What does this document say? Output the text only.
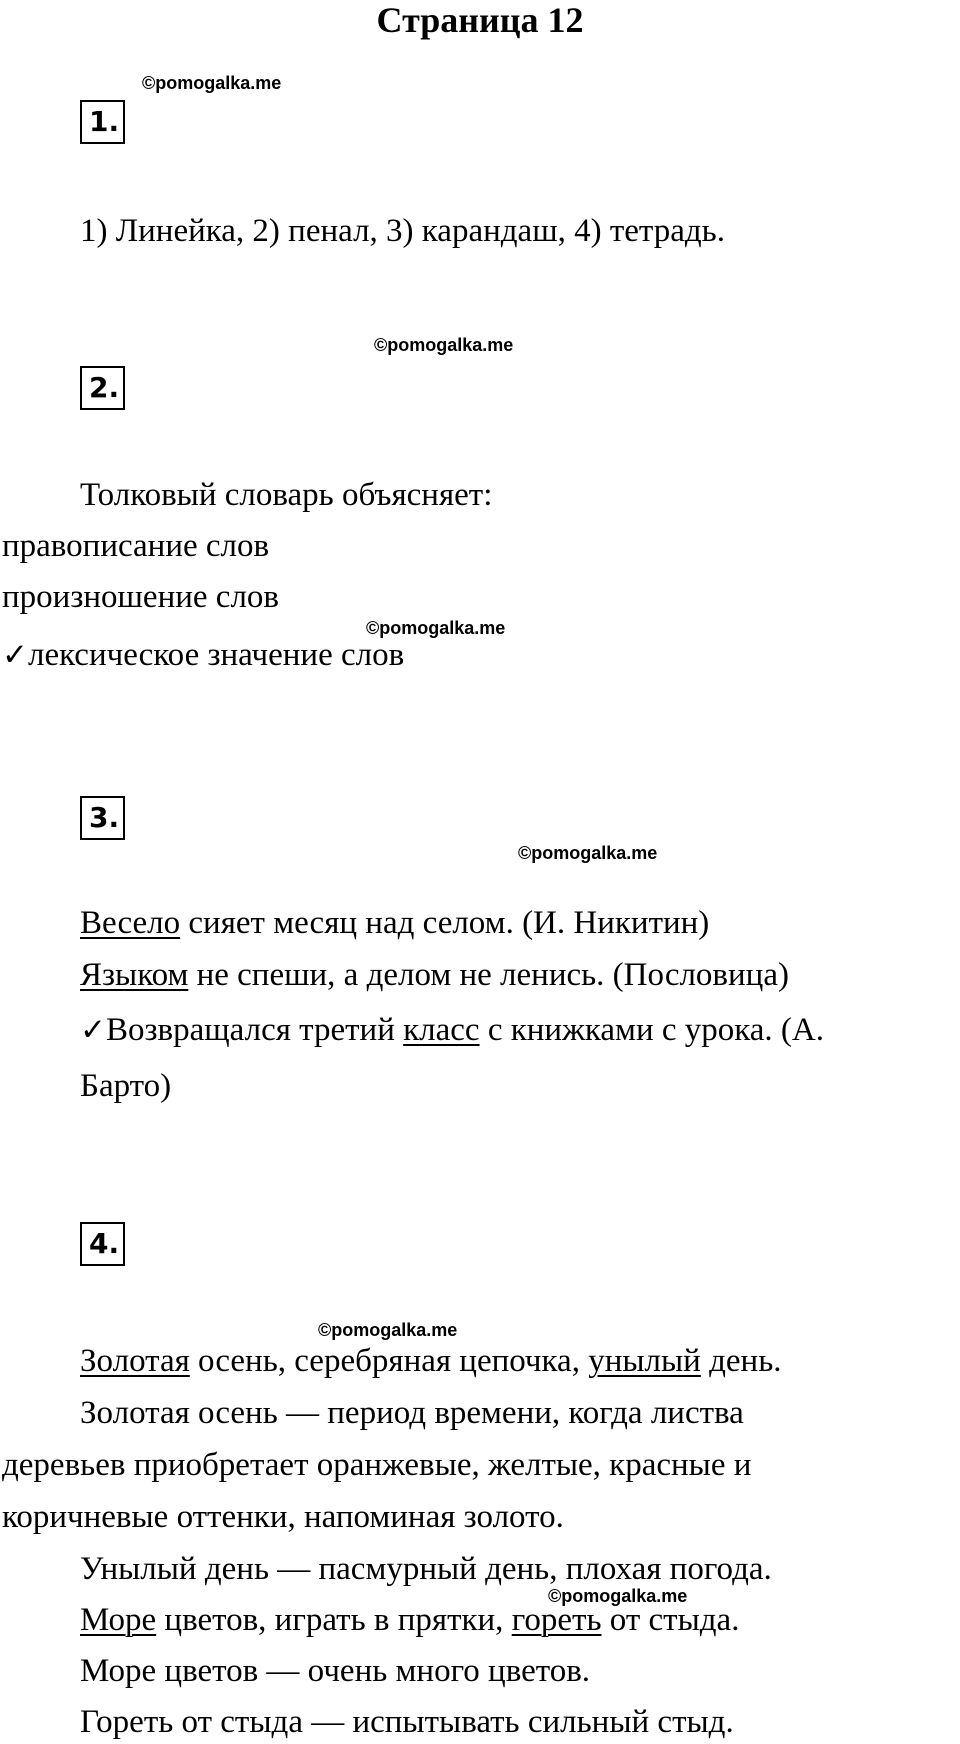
Страница 12
©pomogalka.me
1.
1) Линейка, 2) пенал, 3) карандаш, 4) тетрадь.
©pomogalka.me
2.
Толковый словарь объясняет:
правописание слов
произношение слов
©pomogalka.me
✓лексическое значение слов
3.
©pomogalka.me
Весело сияет месяц над селом. (И. Никитин)
Языком не спеши, а делом не ленись. (Пословица)
✓Возвращался третий класс с книжками с урока. (А.
Барто)
4.
©pomogalka.me
Золотая осень, серебряная цепочка, унылый день.
Золотая осень — период времени, когда листва
деревьев приобретает оранжевые, желтые, красные и
коричневые оттенки, напоминая золото.
Унылый день — пасмурный день, плохая погода.
©pomogalka.me
Море цветов, играть в прятки, гореть от стыда.
Море цветов — очень много цветов.
Гореть от стыда — испытывать сильный стыд.
